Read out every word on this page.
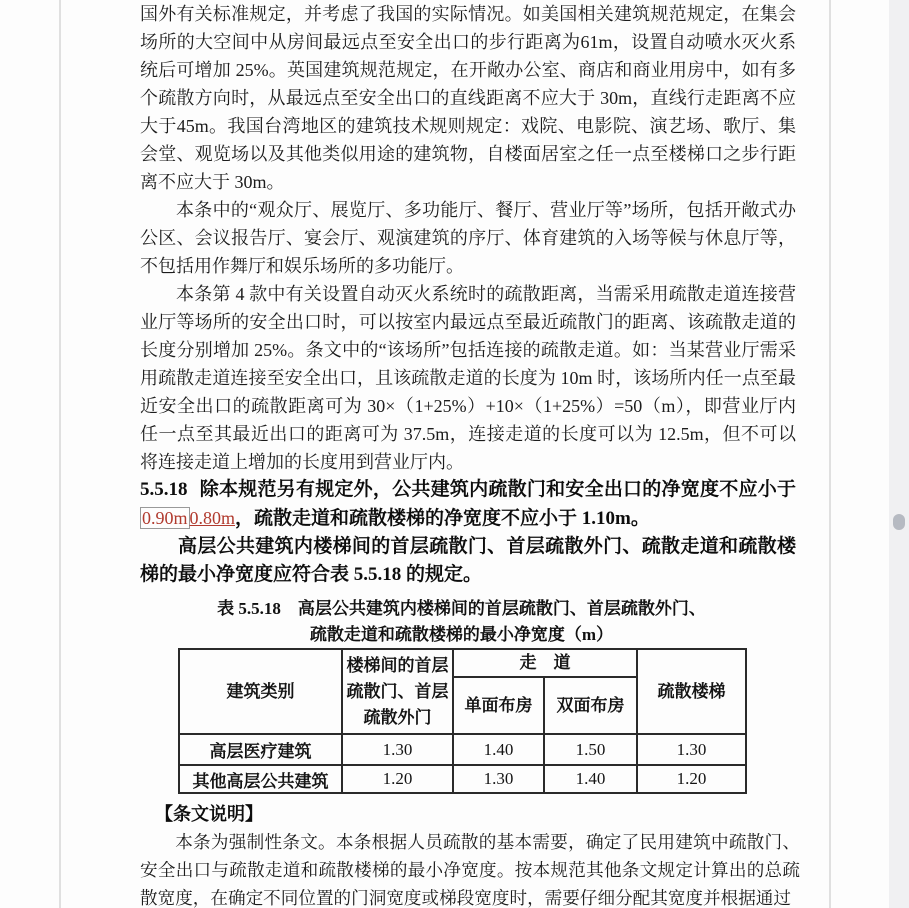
国外有关标准规定，并考虑了我国的实际情况。如美国相关建筑规范规定，在集会场所的大空间中从房间最远点至安全出口的步行距离为61m，设置自动喷水灭火系统后可增加 25%。英国建筑规范规定，在开敞办公室、商店和商业用房中，如有多个疏散方向时，从最远点至安全出口的直线距离不应大于 30m，直线行走距离不应大于45m。我国台湾地区的建筑技术规则规定：戏院、电影院、演艺场、歌厅、集会堂、观览场以及其他类似用途的建筑物，自楼面居室之任一点至楼梯口之步行距离不应大于 30m。

本条中的“观众厅、展览厅、多功能厅、餐厅、营业厅等”场所，包括开敞式办公区、会议报告厅、宴会厅、观演建筑的序厅、体育建筑的入场等候与休息厅等，不包括用作舞厅和娱乐场所的多功能厅。

本条第 4 款中有关设置自动灭火系统时的疏散距离，当需采用疏散走道连接营业厅等场所的安全出口时，可以按室内最远点至最近疏散门的距离、该疏散走道的长度分别增加 25%。条文中的“该场所”包括连接的疏散走道。如：当某营业厅需采用疏散走道连接至安全出口，且该疏散走道的长度为 10m 时，该场所内任一点至最近安全出口的疏散距离可为 30×（1+25%）+10×（1+25%）=50（m），即营业厅内任一点至其最近出口的距离可为 37.5m，连接走道的长度可以为 12.5m，但不可以将连接走道上增加的长度用到营业厅内。

5.5.18 除本规范另有规定外，公共建筑内疏散门和安全出口的净宽度不应小于0.90m 0.80m，疏散走道和疏散楼梯的净宽度不应小于 1.10m。

高层公共建筑内楼梯间的首层疏散门、首层疏散外门、疏散走道和疏散楼梯的最小净宽度应符合表 5.5.18 的规定。

表 5.5.18　高层公共建筑内楼梯间的首层疏散门、首层疏散外门、
疏散走道和疏散楼梯的最小净宽度（m）
建筑类别	楼梯间的首层疏散门、首层疏散外门	走　道		疏散楼梯
		单面布房	双面布房	
高层医疗建筑	1.30	1.40	1.50	1.30
其他高层公共建筑	1.20	1.30	1.40	1.20
【条文说明】

本条为强制性条文。本条根据人员疏散的基本需要，确定了民用建筑中疏散门、安全出口与疏散走道和疏散楼梯的最小净宽度。按本规范其他条文规定计算出的总疏散宽度，在确定不同位置的门洞宽度或梯段宽度时，需要仔细分配其宽度并根据通过
